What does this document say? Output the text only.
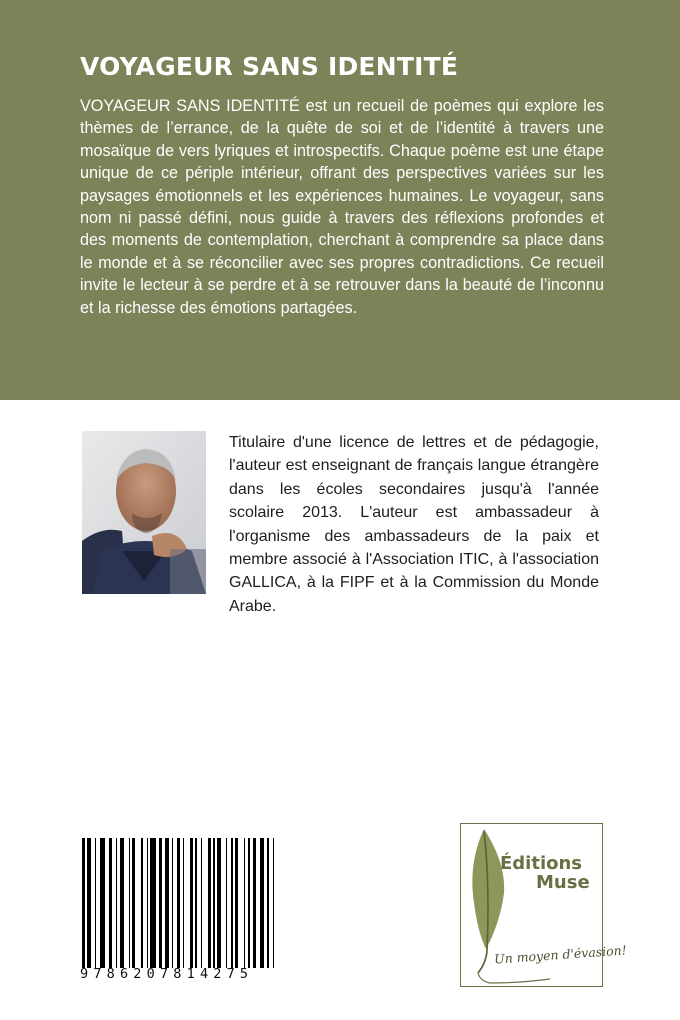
VOYAGEUR SANS IDENTITÉ

VOYAGEUR SANS IDENTITÉ est un recueil de poèmes qui explore les thèmes de l’errance, de la quête de soi et de l’identité à travers une mosaïque de vers lyriques et introspectifs. Chaque poème est une étape unique de ce périple intérieur, offrant des perspectives variées sur les paysages émotionnels et les expériences humaines. Le voyageur, sans nom ni passé défini, nous guide à travers des réflexions profondes et des moments de contemplation, cherchant à comprendre sa place dans le monde et à se réconcilier avec ses propres contradictions. Ce recueil invite le lecteur à se perdre et à se retrouver dans la beauté de l’inconnu et la richesse des émotions partagées.

Titulaire d'une licence de lettres et de pédagogie, l'auteur est enseignant de français langue étrangère dans les écoles secondaires jusqu'à l'année scolaire 2013. L'auteur est ambassadeur à l'organisme des ambassadeurs de la paix et membre associé à l'Association ITIC, à l'association GALLICA, à la FIPF et à la Commission du Monde Arabe.

9786207814275
Éditions
Muse
Un moyen d'évasion!
